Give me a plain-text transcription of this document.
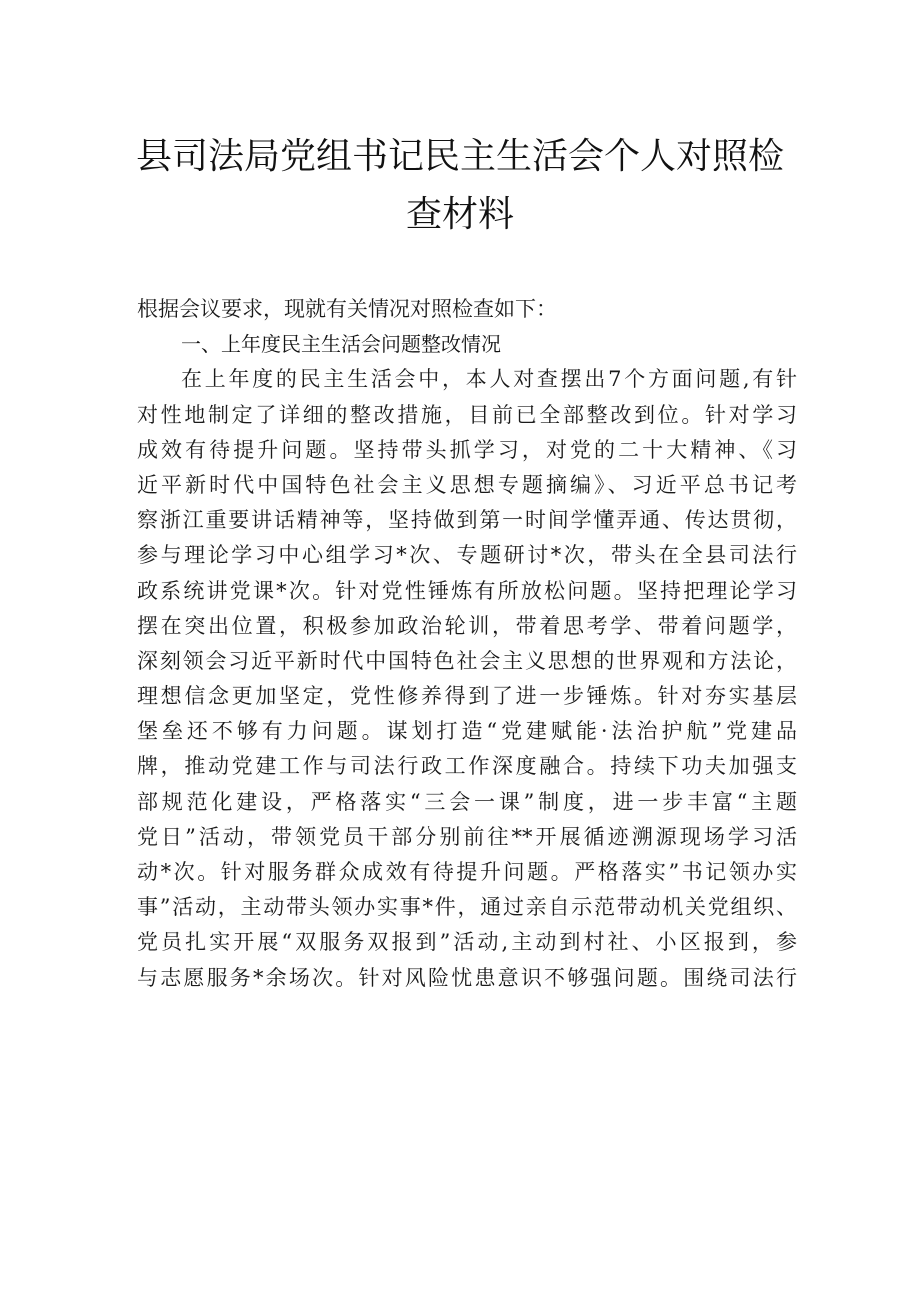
县司法局党组书记民主生活会个人对照检
查材料
根据会议要求，现就有关情况对照检查如下：
一、上年度民主生活会问题整改情况
在上年度的民主生活会中，本人对查摆出7个方面问题,有针
对性地制定了详细的整改措施，目前已全部整改到位。针对学习
成效有待提升问题。坚持带头抓学习，对党的二十大精神、《习
近平新时代中国特色社会主义思想专题摘编》、习近平总书记考
察浙江重要讲话精神等，坚持做到第一时间学懂弄通、传达贯彻，
参与理论学习中心组学习*次、专题研讨*次，带头在全县司法行
政系统讲党课*次。针对党性锤炼有所放松问题。坚持把理论学习
摆在突出位置，积极参加政治轮训，带着思考学、带着问题学，
深刻领会习近平新时代中国特色社会主义思想的世界观和方法论，
理想信念更加坚定，党性修养得到了进一步锤炼。针对夯实基层
堡垒还不够有力问题。谋划打造“党建赋能·法治护航”党建品
牌，推动党建工作与司法行政工作深度融合。持续下功夫加强支
部规范化建设，严格落实“三会一课”制度，进一步丰富“主题
党日”活动，带领党员干部分别前往**开展循迹溯源现场学习活
动*次。针对服务群众成效有待提升问题。严格落实”书记领办实
事”活动，主动带头领办实事*件，通过亲自示范带动机关党组织、
党员扎实开展“双服务双报到”活动,主动到村社、小区报到，参
与志愿服务*余场次。针对风险忧患意识不够强问题。围绕司法行
